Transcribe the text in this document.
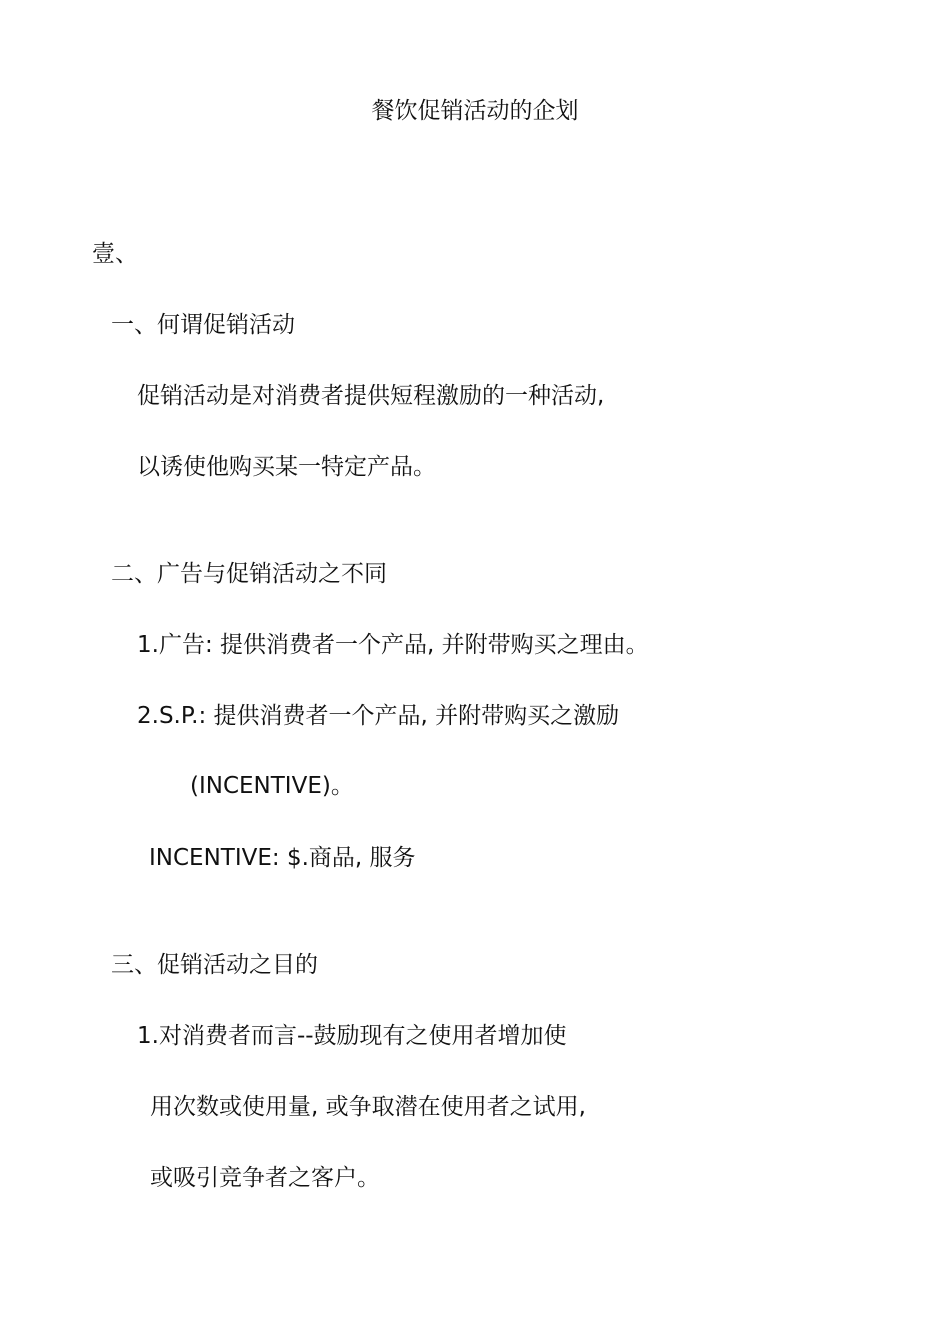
餐饮促销活动的企划
壹、
一、何谓促销活动
促销活动是对消费者提供短程激励的一种活动,
以诱使他购买某一特定产品。
二、广告与促销活动之不同
1.广告: 提供消费者一个产品, 并附带购买之理由。
2.S.P.: 提供消费者一个产品, 并附带购买之激励
(INCENTIVE)。
INCENTIVE: $.商品, 服务
三、促销活动之目的
1.对消费者而言--鼓励现有之使用者增加使
用次数或使用量, 或争取潜在使用者之试用,
或吸引竞争者之客户。
